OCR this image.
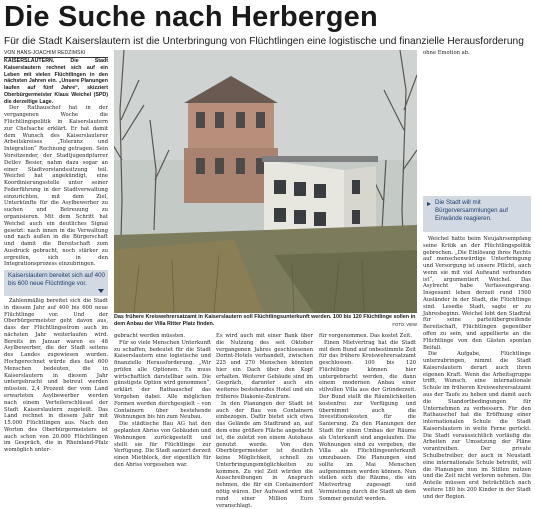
Die Suche nach Herbergen
Für die Stadt Kaiserslautern ist die Unterbringung von Flüchtlingen eine logistische und finanzielle Herausforderung
VON HANS-JOACHIM REDZIMSKI

KAISERSLAUTERN. Die Stadt Kaiserslautern rechnet sich auf ein Leben mit vielen Flüchtlingen in den nächsten Jahren ein. „Unsere Planungen laufen auf fünf Jahre“, skizziert Oberbürgermeister Klaus Weichel (SPD) die derzeitige Lage.

Der Rathauschef hat in der vergangenen Woche die Flüchtlingspolitik in Kaiserslautern zur Chefsache erklärt. Er hat damit dem Wunsch des Kaiserslauterer Arbeitskreises „Toleranz und Integration“ Rechnung getragen. Sein Vorsitzender, der Stadtjugendpfarrer Detlev Besier, nahm dazu sogar an einer Stadtvorstandssitzung teil. Weichel hat angekündigt, eine Koordinierungsstelle unter seiner Federführung in der Stadtverwaltung einzurichten, mit dem Ziel, Unterkünfte für die Asylbewerber zu suchen und Betreuung zu organisieren. Mit dem Schritt hat Weichel auch ein deutliches Signal gesetzt: nach innen in die Verwaltung und nach außen in die Bürgerschaft und damit die Bereitschaft zum Ausdruck gebracht, noch stärker zu ergreifen, sich in den Integrationsprozess einzubringen.

Kaiserslautern bereitet sich auf 400 bis 600 neue Flüchtlinge vor.

Zahlenmäßig bereitet sich die Stadt in diesem Jahr auf 400 bis 600 neue Flüchtlinge vor. Und der Oberbürgermeister geht davon aus, dass der Flüchtlingsstrom auch im nächsten Jahr weiterlaufen wird. Bereits im Januar waren es 48 Asylbewerber, die der Stadt seitens des Landes zugewiesen wurden. Hochgerechnet würde dies fast 600 Menschen bedeuten, die in Kaiserslautern in diesem Jahr untergebracht und betreut werden müssten. 2,4 Prozent der vom Land erwarteten Asylbewerber werden nach einem Verteilerschlüssel der Stadt Kaiserslautern zugeteilt. Das Land rechnet in diesem Jahr mit 15.000 Flüchtlingen aus. Nach den Worten des Oberbürgermeisters ist auch schon von 20.000 Flüchtlingen im Gespräch, die in Rheinland-Pfalz womöglich unter-

Das frühere Kreiswehrersatzamt in Kaiserslautern soll Flüchtlingsunterkunft werden. 100 bis 120 Flüchtlinge sollen in dem Anbau der Villa Ritter Platz finden.	FOTO: VIEW

gebracht werden müssten.

Für so viele Menschen Unterkunft zu schaffen, bedeutet für die Stadt Kaiserslautern eine logistische und finanzielle Herausforderung. „Wir prüfen alle Optionen. Es muss wirtschaftlich darstellbar sein. Die günstigste Option wird genommen“, erklärt der Rathauschef das Vorgehen dabei. Alle möglichen Formen werden durchgespielt – von Containern über bestehende Wohnungen bis hin zum Neubau.

Die städtische Bau AG hat den geplanten Abriss von Gebäuden und Wohnungen zurückgestellt und stellt sie für Flüchtlinge zur Verfügung. Die Stadt saniert derzeit einen Mietblock, der eigentlich für den Abriss vorgesehen war.

Es wird auch mit einer Bank über die Nutzung des seit Oktober vergangenen Jahres geschlossenen Dorint-Hotels verhandelt, zwischen 225 und 270 Menschen könnten hier ein Dach über den Kopf erhalten. Weiterer Gebäude sind im Gespräch, darunter auch ein weiteres bestehendes Hotel und ein früheres Diakonie-Zentrum.

In den Planungen der Stadt ist auch der Bau von Containern einbezogen. Dafür bietet sich etwa das Gelände am Stadtrand an, auf dem eine größere Fläche angedacht ist, die zuletzt von einem Autohaus genutzt wurde. Von den Oberbürgermeister ist deutlich keine Möglichkeit, schnell zu Unterbringungsmöglichkeiten zu kommen. Zu viel Zeit würden die Ausschreibungen in Anspruch nehmen, die für ein Containerdorf nötig wären. Der Aufwand wird mit rund einer Million Euro veranschlagt.

für vorgenommen. Das kostet Zeit.

Einen Mietvertrag hat die Stadt mit dem Bund auf unbestimmte Zeit für das frühere Kreiswehrersatzamt geschlossen. 100 bis 120 Flüchtlinge können hier untergebracht werden, die dann einem modernen Anbau einer stilvollen Villa aus der Gründerzeit. Der Bund stellt die Räumlichkeiten kostenfrei zur Verfügung und übernimmt auch die Investitionskosten für die Sanierung. Zu den Planungen der Stadt für einen Umbau der Räume als Unterkunft sind angelaufen. Die Wohnungen sind zu vergeben, die Villa als Flüchtlingsunterkunft umzubauen. Die Planungen sind sollte im Mai Menschen aufgenommen werden können. Nun stellen sich die Räume, die ein Mietvertrag zugesagt und Vermietung durch die Stadt ab dem Sommer genutzt werden.

ohne Emotion ab.

Die Stadt will mit Bürgerversammlungen auf Einwände reagieren.

Weichel hatte beim Neujahrsempfang seine Kritik an der Flüchtlingspolitik gebrochen. „Die Einlösung ihres Rechts auf menschenwürdige Unterbringung und Versorgung ist unsere Pflicht, auch wenn sie mit viel Aufwand verbunden ist“, argumentiert Weichel. Das Asylrecht habe Verfassungsrang. Insgesamt leben derzeit rund 1500 Ausländer in der Stadt, die Flüchtlinge sind. Lesedie Stadt, sagte er zu Jahresbeginn. Weichel lobt den Stadtrat für seine parteiübergreifende Bereitschaft, Flüchtlingen gegenüber offen zu sein, und appellierte an die Flüchtlinge von den Gästen spontan Beifall.

Die Aufgabe, Flüchtlinge unterzubringen, nimmt die Stadt Kaiserslautern derart auch ihren eigenen Kraft. Wenn die Arbeitsgruppe trifft, Wunsch, eine internationale Schule im früheren Kreiswehrersatzamt aus der Taufe zu heben und damit auch die Standortbedingungen für Unternehmen zu verbessern. Für den Rathauschef hat die Eröffnung einer internationalen Schule die Stadt Kaiserslautern in weite Ferne gerückt. Die Stadt voraussichtlich vorläufig die Arbeiten zur Umsetzung der Pläne vorantreiben. Der private Schulbetreiber, der auch in Neustadt eine internationale Schule betreibt, will die Planungen nun im Stillen nutzen und die Zeit nicht verloren nehmen. Die Anteile müssen erst beträchtlich nach weitere 180 bis 200 Kinder in der Stadt und der Region.
